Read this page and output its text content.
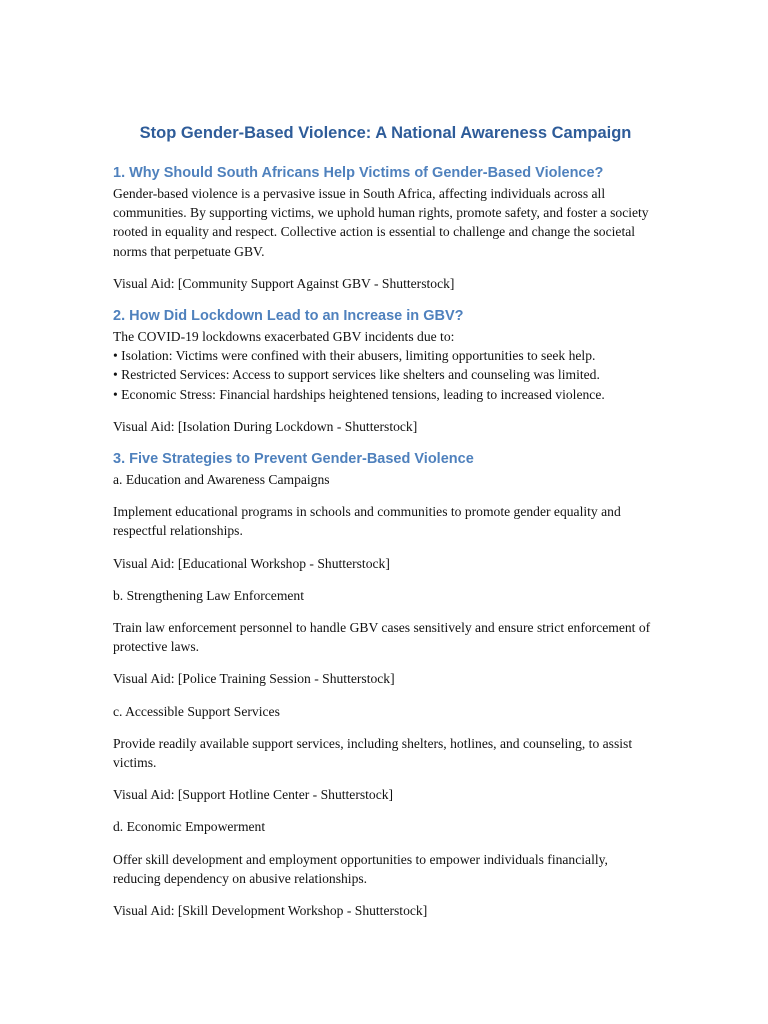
Stop Gender-Based Violence: A National Awareness Campaign
1. Why Should South Africans Help Victims of Gender-Based Violence?

Gender-based violence is a pervasive issue in South Africa, affecting individuals across all communities. By supporting victims, we uphold human rights, promote safety, and foster a society rooted in equality and respect. Collective action is essential to challenge and change the societal norms that perpetuate GBV.

Visual Aid: [Community Support Against GBV - Shutterstock]

2. How Did Lockdown Lead to an Increase in GBV?

The COVID-19 lockdowns exacerbated GBV incidents due to:

• Isolation: Victims were confined with their abusers, limiting opportunities to seek help.

• Restricted Services: Access to support services like shelters and counseling was limited.

• Economic Stress: Financial hardships heightened tensions, leading to increased violence.

Visual Aid: [Isolation During Lockdown - Shutterstock]

3. Five Strategies to Prevent Gender-Based Violence

a. Education and Awareness Campaigns

Implement educational programs in schools and communities to promote gender equality and respectful relationships.

Visual Aid: [Educational Workshop - Shutterstock]

b. Strengthening Law Enforcement

Train law enforcement personnel to handle GBV cases sensitively and ensure strict enforcement of protective laws.

Visual Aid: [Police Training Session - Shutterstock]

c. Accessible Support Services

Provide readily available support services, including shelters, hotlines, and counseling, to assist victims.

Visual Aid: [Support Hotline Center - Shutterstock]

d. Economic Empowerment

Offer skill development and employment opportunities to empower individuals financially, reducing dependency on abusive relationships.

Visual Aid: [Skill Development Workshop - Shutterstock]
